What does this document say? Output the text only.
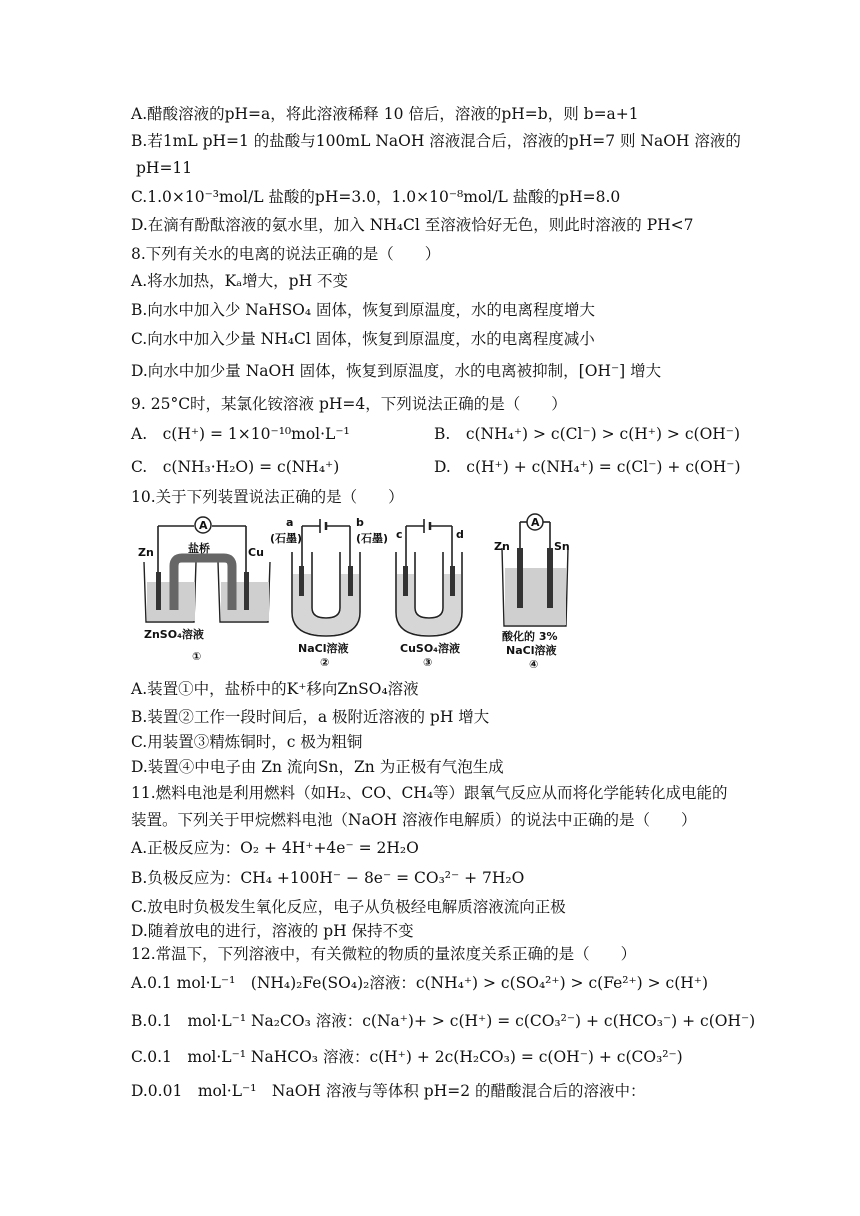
A.醋酸溶液的pH=a，将此溶液稀释 10 倍后，溶液的pH=b，则 b=a+1
B.若1mL pH=1 的盐酸与100mL NaOH 溶液混合后，溶液的pH=7 则 NaOH 溶液的
pH=11
C.1.0×10⁻³mol/L 盐酸的pH=3.0，1.0×10⁻⁸mol/L 盐酸的pH=8.0
D.在滴有酚酞溶液的氨水里，加入 NH₄Cl 至溶液恰好无色，则此时溶液的 PH<7
8.下列有关水的电离的说法正确的是（　　）
A.将水加热，Kₐ增大，pH 不变
B.向水中加入少 NaHSO₄ 固体，恢复到原温度，水的电离程度增大
C.向水中加入少量 NH₄Cl 固体，恢复到原温度，水的电离程度减小
D.向水中加少量 NaOH 固体，恢复到原温度，水的电离被抑制，[OH⁻] 增大
9. 25°C时，某氯化铵溶液 pH=4，下列说法正确的是（　　）
A.　c(H⁺) = 1×10⁻¹⁰mol·L⁻¹	B.　c(NH₄⁺) > c(Cl⁻) > c(H⁺) > c(OH⁻)
C.　c(NH₃·H₂O) = c(NH₄⁺)	D.　c(H⁺) + c(NH₄⁺) = c(Cl⁻) + c(OH⁻)
10.关于下列装置说法正确的是（　　）
A
Zn	Cu
盐桥
ZnSO₄溶液
①
a
(石墨)
b
(石墨)
NaCl溶液
②
c	d
CuSO₄溶液
③
A
Zn	Sn
酸化的 3%
NaCl溶液
④
A.装置①中，盐桥中的K⁺移向ZnSO₄溶液
B.装置②工作一段时间后，a 极附近溶液的 pH 增大
C.用装置③精炼铜时，c 极为粗铜
D.装置④中电子由 Zn 流向Sn，Zn 为正极有气泡生成
11.燃料电池是利用燃料（如H₂、CO、CH₄等）跟氧气反应从而将化学能转化成电能的
装置。下列关于甲烷燃料电池（NaOH 溶液作电解质）的说法中正确的是（　　）
A.正极反应为：O₂ + 4H⁺+4e⁻ = 2H₂O
B.负极反应为：CH₄ +100H⁻ − 8e⁻ = CO₃²⁻ + 7H₂O
C.放电时负极发生氧化反应，电子从负极经电解质溶液流向正极
D.随着放电的进行，溶液的 pH 保持不变
12.常温下，下列溶液中，有关微粒的物质的量浓度关系正确的是（　　）
A.0.1 mol·L⁻¹　(NH₄)₂Fe(SO₄)₂溶液：c(NH₄⁺) > c(SO₄²⁺) > c(Fe²⁺) > c(H⁺)
B.0.1　mol·L⁻¹ Na₂CO₃ 溶液：c(Na⁺)+ > c(H⁺) = c(CO₃²⁻) + c(HCO₃⁻) + c(OH⁻)
C.0.1　mol·L⁻¹ NaHCO₃ 溶液：c(H⁺) + 2c(H₂CO₃) = c(OH⁻) + c(CO₃²⁻)
D.0.01　mol·L⁻¹　NaOH 溶液与等体积 pH=2 的醋酸混合后的溶液中：
